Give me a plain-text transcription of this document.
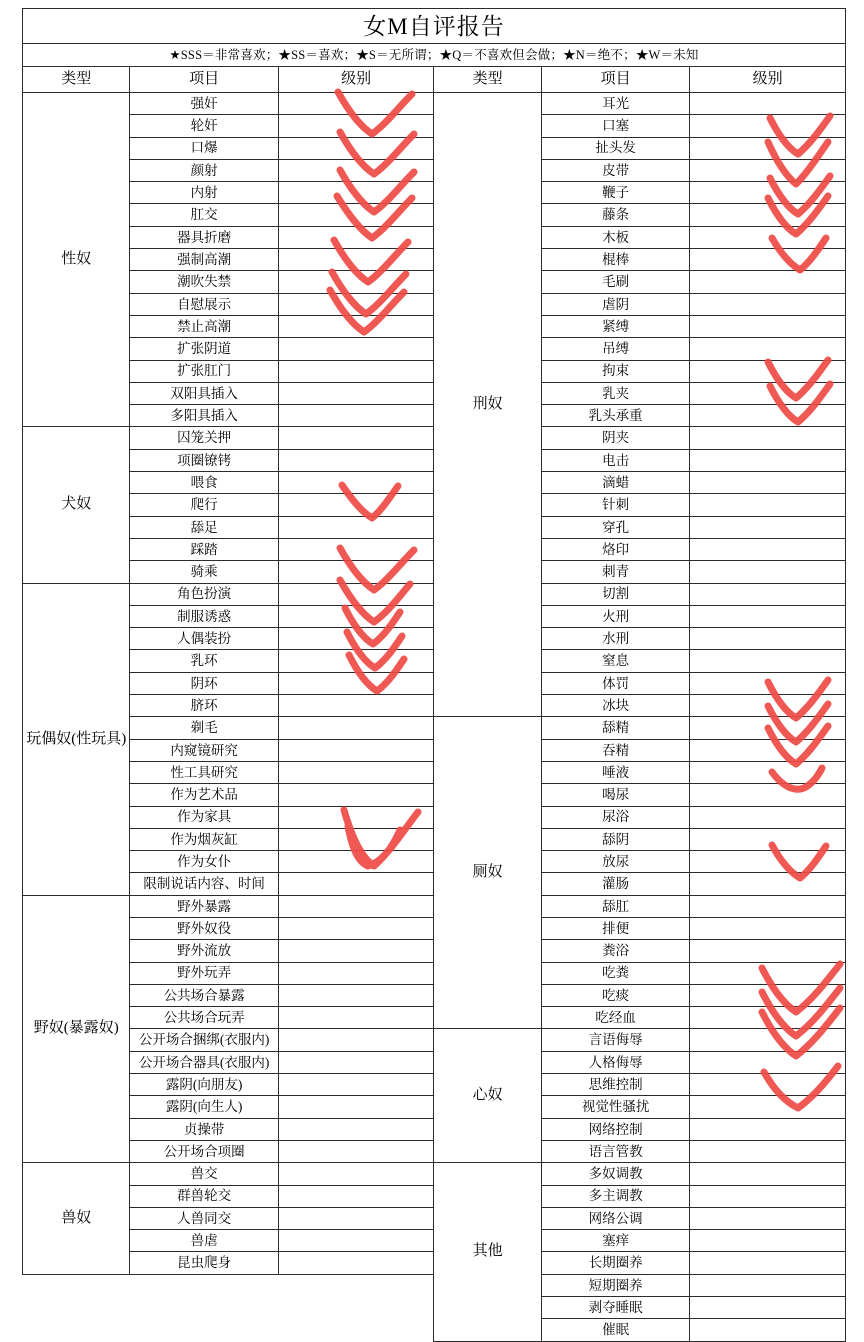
女M自评报告					
★SSS＝非常喜欢；★SS＝喜欢；★S＝无所谓；★Q＝不喜欢但会做；★N＝绝不；★W＝未知					
类型	项目	级别	类型	项目	级别
性奴	强奸		刑奴	耳光	
	轮奸			口塞	
	口爆			扯头发	
	颜射			皮带	
	内射			鞭子	
	肛交			藤条	
	器具折磨			木板	
	强制高潮			棍棒	
	潮吹失禁			毛刷	
	自慰展示			虐阴	
	禁止高潮			紧缚	
	扩张阴道			吊缚	
	扩张肛门			拘束	
	双阳具插入			乳夹	
	多阳具插入			乳头承重	
犬奴	囚笼关押			阴夹	
	项圈镣铐			电击	
	喂食			滴蜡	
	爬行			针刺	
	舔足			穿孔	
	踩踏			烙印	
	骑乘			刺青	
玩偶奴(性玩具)	角色扮演			切割	
	制服诱惑			火刑	
	人偶装扮			水刑	
	乳环			窒息	
	阴环			体罚	
	脐环			冰块	
	剃毛		厕奴	舔精	
	内窥镜研究			吞精	
	性工具研究			唾液	
	作为艺术品			喝尿	
	作为家具			尿浴	
	作为烟灰缸			舔阴	
	作为女仆			放尿	
	限制说话内容、时间			灌肠	
野奴(暴露奴)	野外暴露			舔肛	
	野外奴役			排便	
	野外流放			粪浴	
	野外玩弄			吃粪	
	公共场合暴露			吃痰	
	公共场合玩弄			吃经血	
	公开场合捆绑(衣服内)		心奴	言语侮辱	
	公开场合器具(衣服内)			人格侮辱	
	露阴(向朋友)			思维控制	
	露阴(向生人)			视觉性骚扰	
	贞操带			网络控制	
	公开场合项圈			语言管教	
兽奴	兽交		其他	多奴调教	
	群兽轮交			多主调教	
	人兽同交			网络公调	
	兽虐			塞痒	
	昆虫爬身			长期圈养	
				短期圈养	
				剥夺睡眠	
				催眠	
